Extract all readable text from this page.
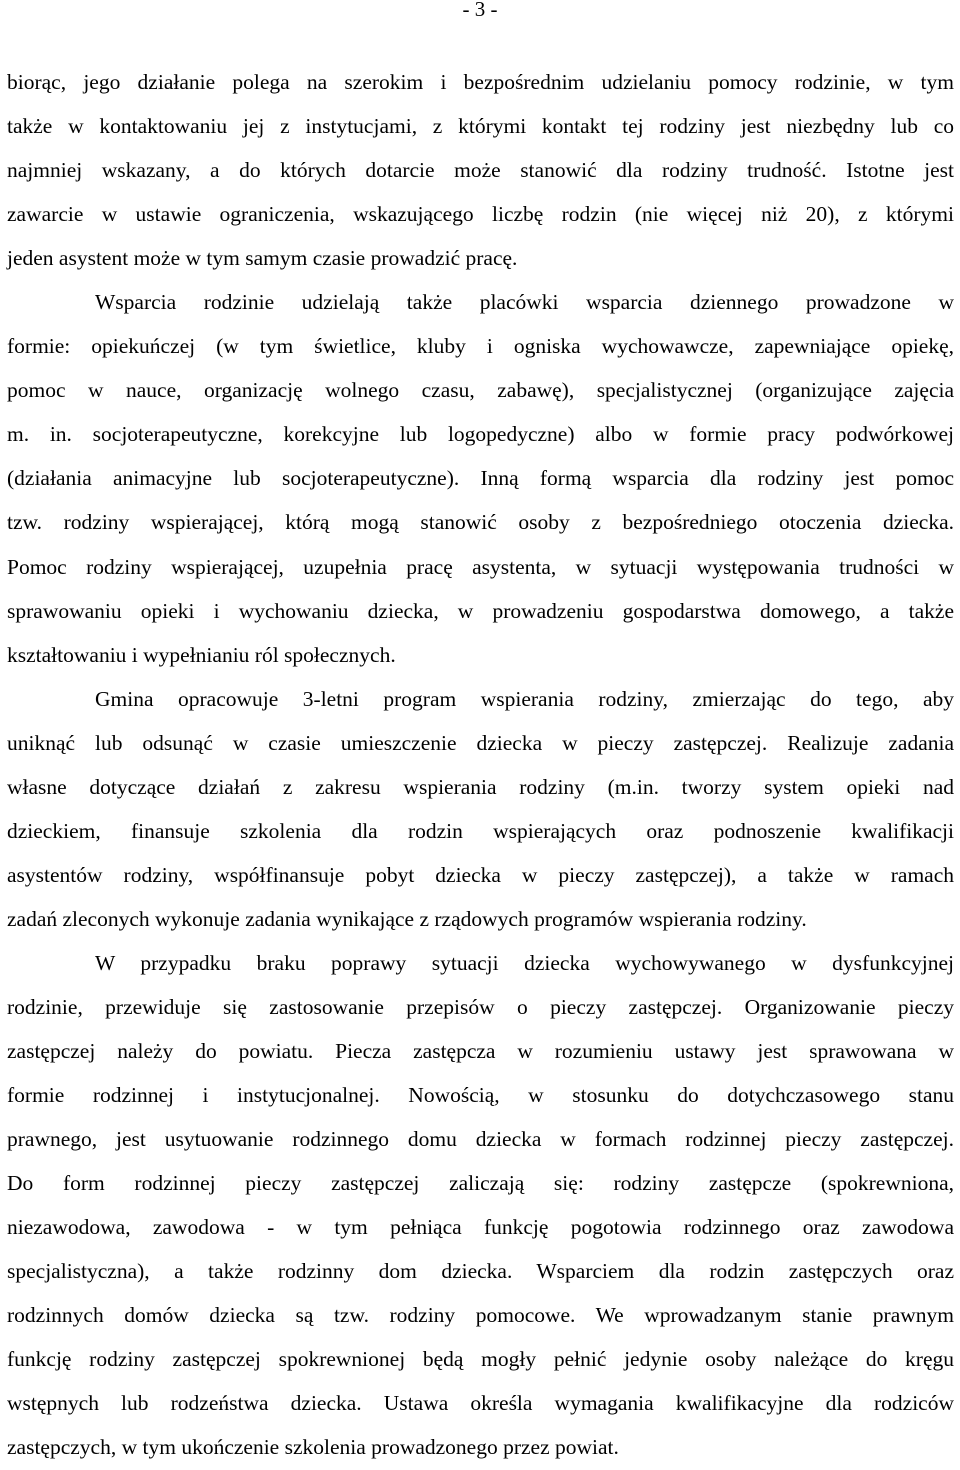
- 3 -
biorąc, jego działanie polega na szerokim i bezpośrednim udzielaniu pomocy rodzinie, w tym
także w kontaktowaniu jej z instytucjami, z którymi kontakt tej rodziny jest niezbędny lub co
najmniej wskazany, a do których dotarcie może stanowić dla rodziny trudność. Istotne jest
zawarcie w ustawie ograniczenia, wskazującego liczbę rodzin (nie więcej niż 20), z którymi
jeden asystent może w tym samym czasie prowadzić pracę.
Wsparcia rodzinie udzielają także placówki wsparcia dziennego prowadzone w
formie: opiekuńczej (w tym świetlice, kluby i ogniska wychowawcze, zapewniające opiekę,
pomoc w nauce, organizację wolnego czasu, zabawę), specjalistycznej (organizujące zajęcia
m. in. socjoterapeutyczne, korekcyjne lub logopedyczne) albo w formie pracy podwórkowej
(działania animacyjne lub socjoterapeutyczne). Inną formą wsparcia dla rodziny jest pomoc
tzw. rodziny wspierającej, którą mogą stanowić osoby z bezpośredniego otoczenia dziecka.
Pomoc rodziny wspierającej, uzupełnia pracę asystenta, w sytuacji występowania trudności w
sprawowaniu opieki i wychowaniu dziecka, w prowadzeniu gospodarstwa domowego, a także
kształtowaniu i wypełnianiu ról społecznych.
Gmina opracowuje 3-letni program wspierania rodziny, zmierzając do tego, aby
uniknąć lub odsunąć w czasie umieszczenie dziecka w pieczy zastępczej. Realizuje zadania
własne dotyczące działań z zakresu wspierania rodziny (m.in. tworzy system opieki nad
dzieckiem, finansuje szkolenia dla rodzin wspierających oraz podnoszenie kwalifikacji
asystentów rodziny, współfinansuje pobyt dziecka w pieczy zastępczej), a także w ramach
zadań zleconych wykonuje zadania wynikające z rządowych programów wspierania rodziny.
W przypadku braku poprawy sytuacji dziecka wychowywanego w dysfunkcyjnej
rodzinie, przewiduje się zastosowanie przepisów o pieczy zastępczej. Organizowanie pieczy
zastępczej należy do powiatu. Piecza zastępcza w rozumieniu ustawy jest sprawowana w
formie rodzinnej i instytucjonalnej. Nowością, w stosunku do dotychczasowego stanu
prawnego, jest usytuowanie rodzinnego domu dziecka w formach rodzinnej pieczy zastępczej.
Do form rodzinnej pieczy zastępczej zaliczają się: rodziny zastępcze (spokrewniona,
niezawodowa, zawodowa - w tym pełniąca funkcję pogotowia rodzinnego oraz zawodowa
specjalistyczna), a także rodzinny dom dziecka. Wsparciem dla rodzin zastępczych oraz
rodzinnych domów dziecka są tzw. rodziny pomocowe. We wprowadzanym stanie prawnym
funkcję rodziny zastępczej spokrewnionej będą mogły pełnić jedynie osoby należące do kręgu
wstępnych lub rodzeństwa dziecka. Ustawa określa wymagania kwalifikacyjne dla rodziców
zastępczych, w tym ukończenie szkolenia prowadzonego przez powiat.
